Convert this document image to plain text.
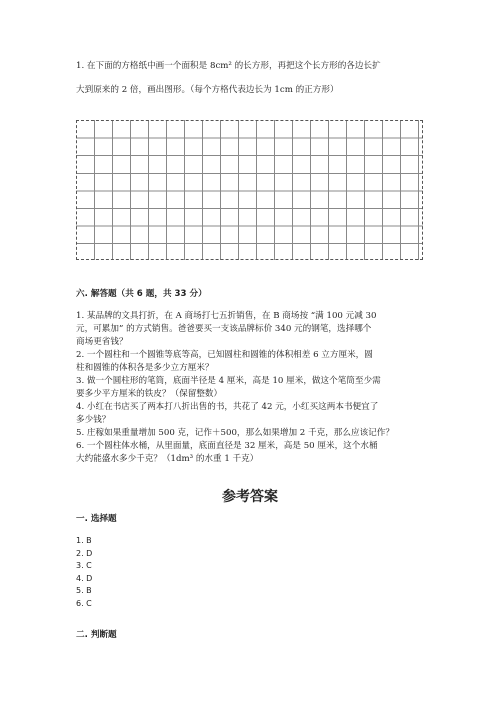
1. 在下面的方格纸中画一个面积是 8cm² 的长方形，再把这个长方形的各边长扩
大到原来的 2 倍，画出图形。（每个方格代表边长为 1cm 的正方形）
六. 解答题（共 6 题，共 33 分）
1. 某品牌的文具打折，在 A 商场打七五折销售，在 B 商场按 “满 100 元减 30
元，可累加” 的方式销售。爸爸要买一支该品牌标价 340 元的钢笔，选择哪个
商场更省钱？
2. 一个圆柱和一个圆锥等底等高，已知圆柱和圆锥的体积相差 6 立方厘米，圆
柱和圆锥的体积各是多少立方厘米？
3. 做一个圆柱形的笔筒，底面半径是 4 厘米，高是 10 厘米，做这个笔筒至少需
要多少平方厘米的铁皮？（保留整数）
4. 小红在书店买了两本打八折出售的书，共花了 42 元，小红买这两本书便宜了
多少钱？
5. 庄稼如果重量增加 500 克，记作＋500，那么如果增加 2 千克，那么应该记作？
6. 一个圆柱体水桶，从里面量，底面直径是 32 厘米，高是 50 厘米，这个水桶
大约能盛水多少千克？（1dm³ 的水重 1 千克）
参考答案
一. 选择题
1. B
2. D
3. C
4. D
5. B
6. C
二. 判断题
